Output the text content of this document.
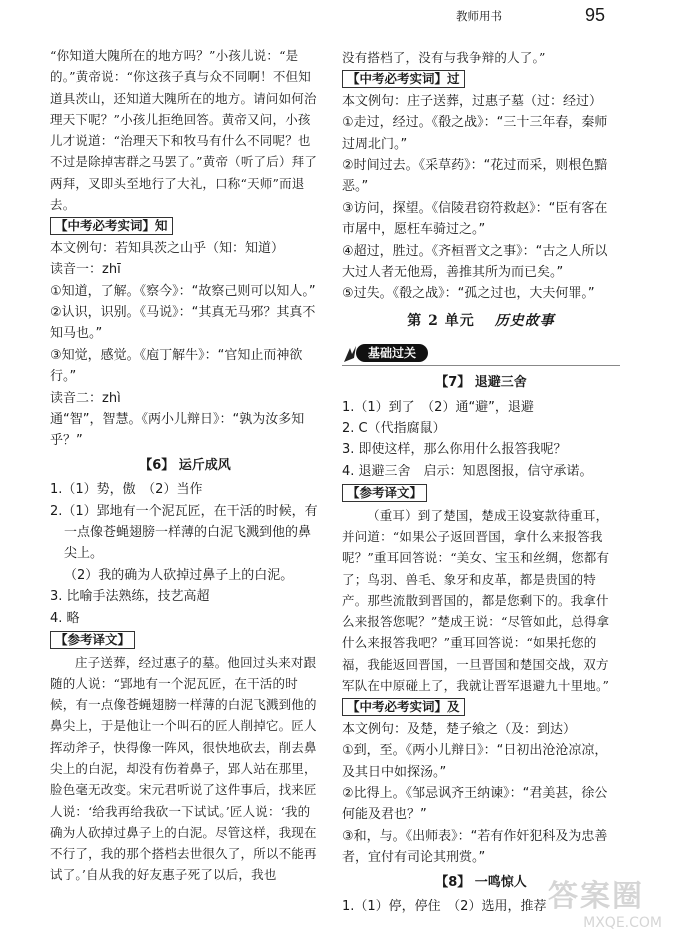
教师用书	95

“你知道大隗所在的地方吗？”小孩儿说：“是的。”黄帝说：“你这孩子真与众不同啊！不但知道具茨山，还知道大隗所在的地方。请问如何治理天下呢？”小孩儿拒绝回答。黄帝又问，小孩儿才说道：“治理天下和牧马有什么不同呢？也不过是除掉害群之马罢了。”黄帝（听了后）拜了两拜，叉即头至地行了大礼，口称“天师”而退去。

【中考必考实词】知

本文例句：若知具茨之山乎（知：知道）

读音一：zhī

①知道，了解。《察今》：“故察己则可以知人。”

②认识，识别。《马说》：“其真无马邪？其真不知马也。”

③知觉，感觉。《庖丁解牛》：“官知止而神欲行。”

读音二：zhì

通“智”，智慧。《两小儿辩日》：“孰为汝多知乎？”

【6】 运斤成风

1.（1）势，傲　（2）当作

2.（1）郢地有一个泥瓦匠，在干活的时候，有一点像苍蝇翅膀一样薄的白泥飞溅到他的鼻尖上。

（2）我的确为人砍掉过鼻子上的白泥。

3. 比喻手法熟练，技艺高超

4. 略

【参考译文】

庄子送葬，经过惠子的墓。他回过头来对跟随的人说：“郢地有一个泥瓦匠，在干活的时候，有一点像苍蝇翅膀一样薄的白泥飞溅到他的鼻尖上，于是他让一个叫石的匠人削掉它。匠人挥动斧子，快得像一阵风，很快地砍去，削去鼻尖上的白泥，却没有伤着鼻子，郢人站在那里，脸色毫无改变。宋元君听说了这件事后，找来匠人说：‘给我再给我砍一下试试。’匠人说：‘我的确为人砍掉过鼻子上的白泥。尽管这样，我现在不行了，我的那个搭档去世很久了，所以不能再试了。’自从我的好友惠子死了以后，我也

没有搭档了，没有与我争辩的人了。”

【中考必考实词】过

本文例句：庄子送葬，过惠子墓（过：经过）

①走过，经过。《殽之战》：“三十三年春，秦师过周北门。”

②时间过去。《采草药》：“花过而采，则根色黯恶。”

③访问，探望。《信陵君窃符救赵》：“臣有客在市屠中，愿枉车骑过之。”

④超过，胜过。《齐桓晋文之事》：“古之人所以大过人者无他焉，善推其所为而已矣。”

⑤过失。《殽之战》：“孤之过也，大夫何罪。”

第 2 单元 历史故事

基础过关

【7】 退避三舍

1.（1）到了　（2）通“避”，退避

2. C（代指腐鼠）

3. 即使这样，那么你用什么报答我呢？

4. 退避三舍　启示：知恩图报，信守承诺。

【参考译文】

（重耳）到了楚国，楚成王设宴款待重耳，并问道：“如果公子返回晋国，拿什么来报答我呢？”重耳回答说：“美女、宝玉和丝绸，您都有了；鸟羽、兽毛、象牙和皮革，都是贵国的特产。那些流散到晋国的，都是您剩下的。我拿什么来报答您呢？”楚成王说：“尽管如此，总得拿什么来报答我吧？”重耳回答说：“如果托您的福，我能返回晋国，一旦晋国和楚国交战，双方军队在中原碰上了，我就让晋军退避九十里地。”

【中考必考实词】及

本文例句：及楚，楚子飨之（及：到达）

①到，至。《两小儿辩日》：“日初出沧沧凉凉，及其日中如探汤。”

②比得上。《邹忌讽齐王纳谏》：“君美甚，徐公何能及君也？”

③和，与。《出师表》：“若有作奸犯科及为忠善者，宜付有司论其刑赏。”

【8】 一鸣惊人

1.（1）停，停住　（2）选用，推荐 答案圈
MXQE.COM
